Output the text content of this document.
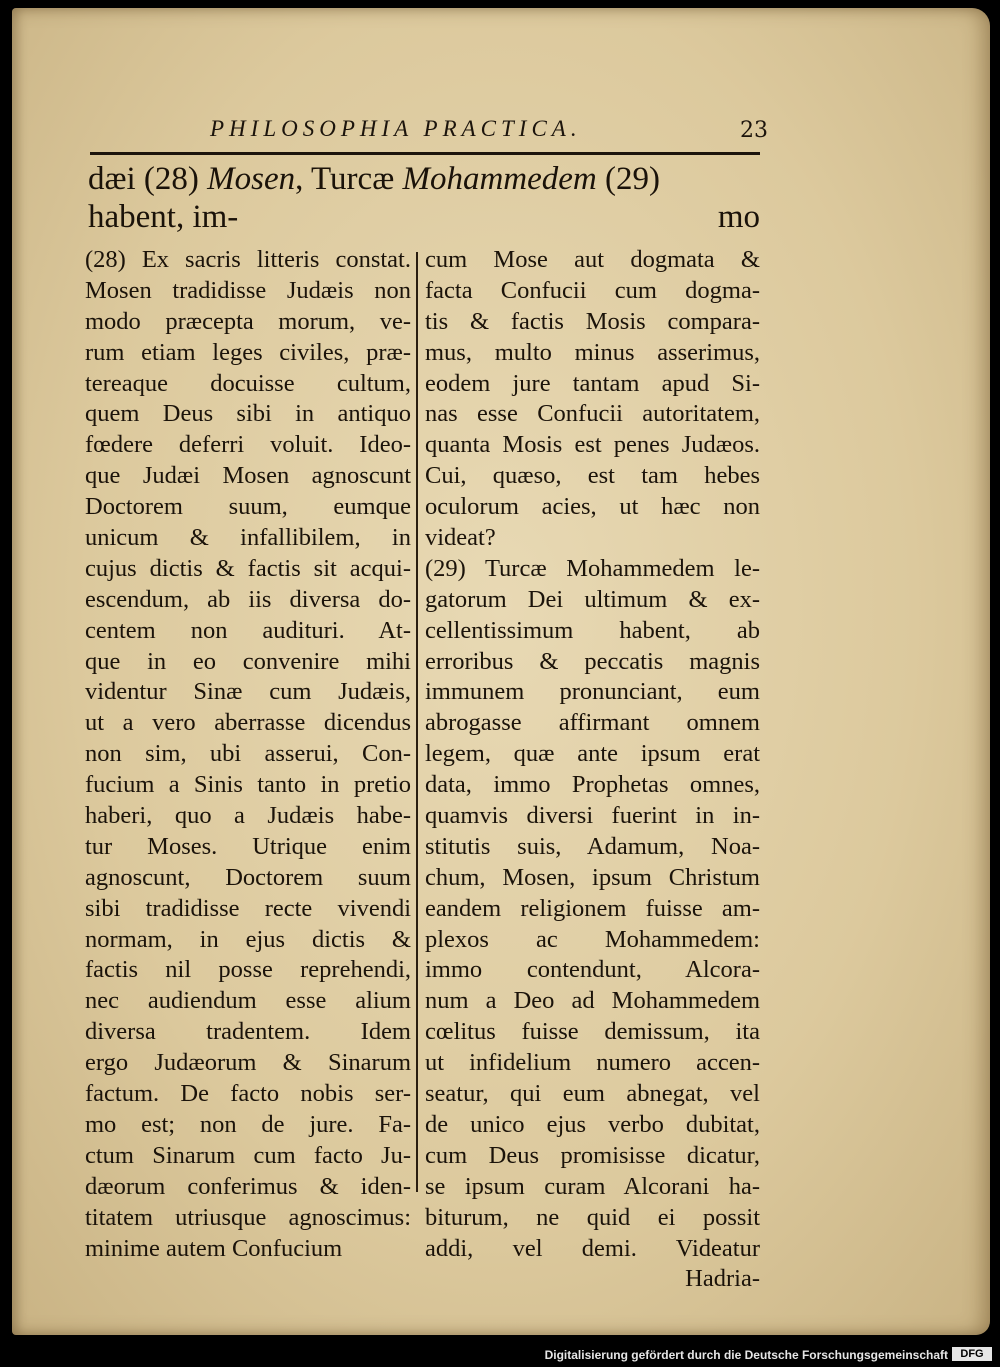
PHILOSOPHIA PRACTICA.	23
dæi (28) Mosen, Turcæ Mohammedem (29) habent, im-	mo
(28) Ex sacris litteris constat.
Mosen tradidisse Judæis non
modo præcepta morum, ve-
rum etiam leges civiles, præ-
tereaque docuisse cultum,
quem Deus sibi in antiquo
fœdere deferri voluit. Ideo-
que Judæi Mosen agnoscunt
Doctorem suum, eumque
unicum & infallibilem, in
cujus dictis & factis sit acqui-
escendum, ab iis diversa do-
centem non audituri. At-
que in eo convenire mihi
videntur Sinæ cum Judæis,
ut a vero aberrasse dicendus
non sim, ubi asserui, Con-
fucium a Sinis tanto in pretio
haberi, quo a Judæis habe-
tur Moses. Utrique enim
agnoscunt, Doctorem suum
sibi tradidisse recte vivendi
normam, in ejus dictis &
factis nil posse reprehendi,
nec audiendum esse alium
diversa tradentem. Idem
ergo Judæorum & Sinarum
factum. De facto nobis ser-
mo est; non de jure. Fa-
ctum Sinarum cum facto Ju-
dæorum conferimus & iden-
titatem utriusque agnoscimus:
minime autem Confucium
cum Mose aut dogmata &
facta Confucii cum dogma-
tis & factis Mosis compara-
mus, multo minus asserimus,
eodem jure tantam apud Si-
nas esse Confucii autoritatem,
quanta Mosis est penes Judæos.
Cui, quæso, est tam hebes
oculorum acies, ut hæc non
videat?
(29) Turcæ Mohammedem le-
gatorum Dei ultimum & ex-
cellentissimum habent, ab
erroribus & peccatis magnis
immunem pronunciant, eum
abrogasse affirmant omnem
legem, quæ ante ipsum erat
data, immo Prophetas omnes,
quamvis diversi fuerint in in-
stitutis suis, Adamum, Noa-
chum, Mosen, ipsum Christum
eandem religionem fuisse am-
plexos ac Mohammedem:
immo contendunt, Alcora-
num a Deo ad Mohammedem
cœlitus fuisse demissum, ita
ut infidelium numero accen-
seatur, qui eum abnegat, vel
de unico ejus verbo dubitat,
cum Deus promisisse dicatur,
se ipsum curam Alcorani ha-
biturum, ne quid ei possit
addi, vel demi. Videatur
Hadria-
Digitalisierung gefördert durch die Deutsche Forschungsgemeinschaft	DFG
